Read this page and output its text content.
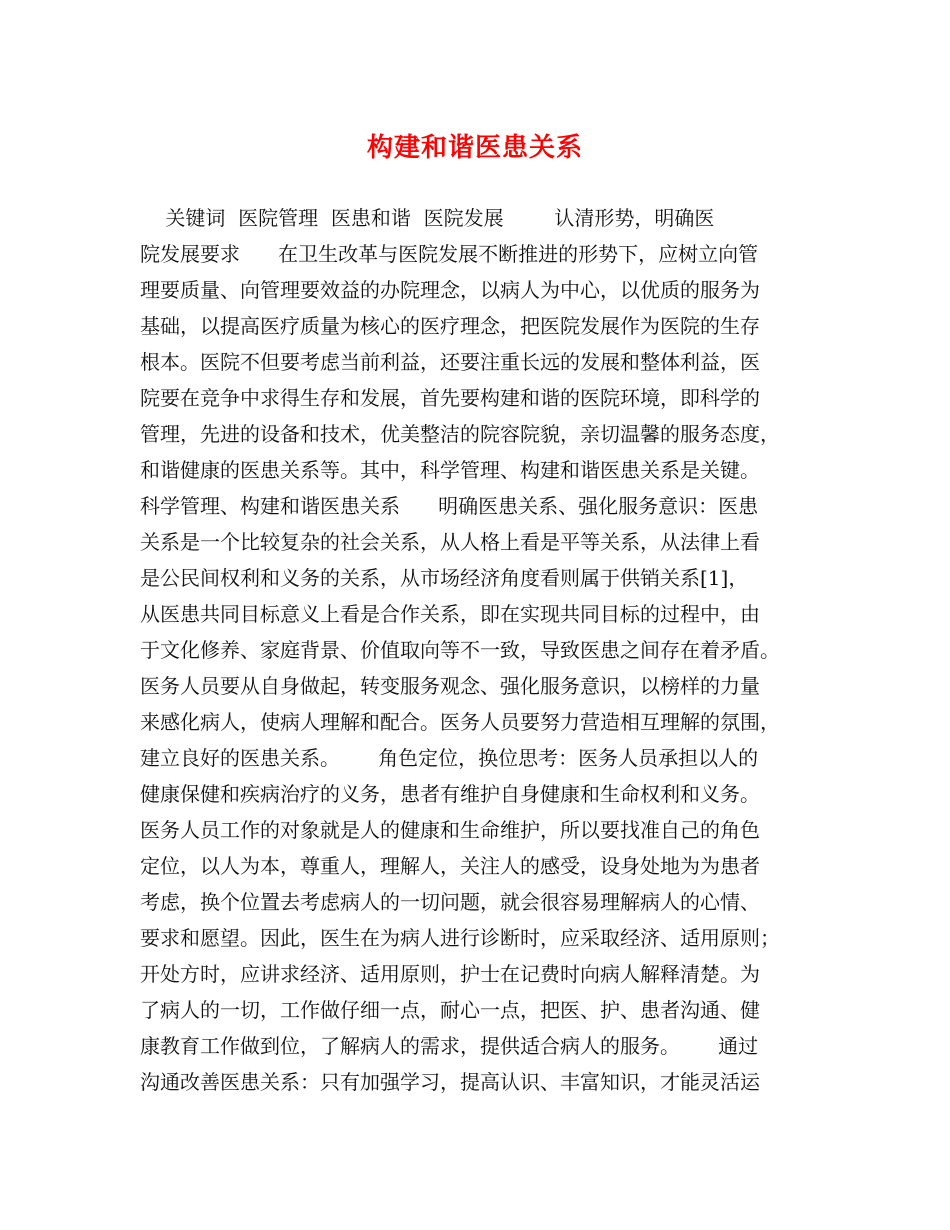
构建和谐医患关系
关键词  医院管理  医患和谐  医院发展        认清形势，明确医
院发展要求      在卫生改革与医院发展不断推进的形势下，应树立向管
理要质量、向管理要效益的办院理念，以病人为中心，以优质的服务为
基础，以提高医疗质量为核心的医疗理念，把医院发展作为医院的生存
根本。医院不但要考虑当前利益，还要注重长远的发展和整体利益，医
院要在竞争中求得生存和发展，首先要构建和谐的医院环境，即科学的
管理，先进的设备和技术，优美整洁的院容院貌，亲切温馨的服务态度，
和谐健康的医患关系等。其中，科学管理、构建和谐医患关系是关键。
科学管理、构建和谐医患关系      明确医患关系、强化服务意识：医患
关系是一个比较复杂的社会关系，从人格上看是平等关系，从法律上看
是公民间权利和义务的关系，从市场经济角度看则属于供销关系[1]，
从医患共同目标意义上看是合作关系，即在实现共同目标的过程中，由
于文化修养、家庭背景、价值取向等不一致，导致医患之间存在着矛盾。
医务人员要从自身做起，转变服务观念、强化服务意识，以榜样的力量
来感化病人，使病人理解和配合。医务人员要努力营造相互理解的氛围，
建立良好的医患关系。      角色定位，换位思考：医务人员承担以人的
健康保健和疾病治疗的义务，患者有维护自身健康和生命权利和义务。
医务人员工作的对象就是人的健康和生命维护，所以要找准自己的角色
定位，以人为本，尊重人，理解人，关注人的感受，设身处地为为患者
考虑，换个位置去考虑病人的一切问题，就会很容易理解病人的心情、
要求和愿望。因此，医生在为病人进行诊断时，应采取经济、适用原则；
开处方时，应讲求经济、适用原则，护士在记费时向病人解释清楚。为
了病人的一切，工作做仔细一点，耐心一点，把医、护、患者沟通、健
康教育工作做到位，了解病人的需求，提供适合病人的服务。      通过
沟通改善医患关系：只有加强学习，提高认识、丰富知识，才能灵活运
